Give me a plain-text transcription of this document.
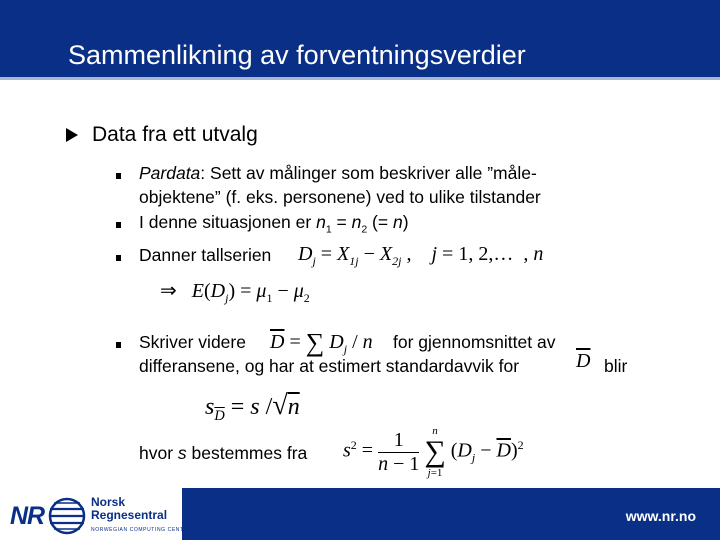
Sammenlikning av forventningsverdier
Data fra ett utvalg
Pardata: Sett av målinger som beskriver alle ”måle-
objektene” (f. eks. personene) ved to ulike tilstander
I denne situasjonen er $n_1 = n_2$ (= n)
Danner tallserien $D_j = X_{1j} - X_{2j}$ ,    j = 1, 2,… , n
⇒   $E(D_j) = \mu_1 - \mu_2$
Skriver videre $\overline{D}$ = ∑ $D_j$ / n for gjennomsnittet av
differansene, og har at estimert standardavvik for	$\overline{D}$ blir
$s_{\overline{D}} = s$ /√n
hvor s bestemmes fra $s^2 = \frac{1}{n - 1}$
	n
∑
j=1
$(D_j - \overline{D})^2$
NR	Norsk
Regnesentral
NORWEGIAN COMPUTING CENTER
www.nr.no
